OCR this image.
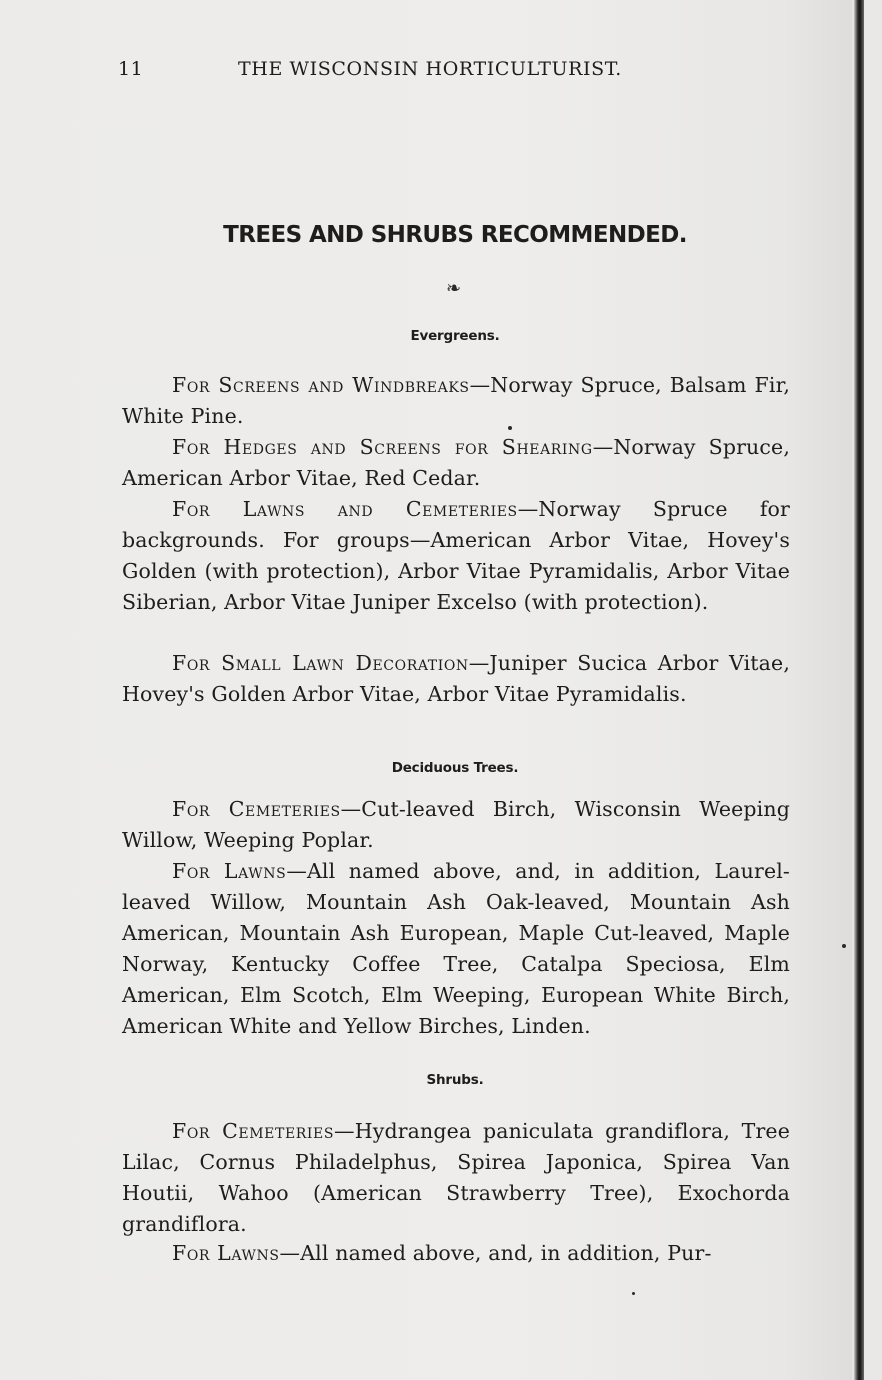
11	THE WISCONSIN HORTICULTURIST.
TREES AND SHRUBS RECOMMENDED.
❧
Evergreens.
For Screens and Windbreaks—Norway Spruce, Balsam Fir, White Pine.
For Hedges and Screens for Shearing—Norway Spruce, American Arbor Vitae, Red Cedar.
For Lawns and Cemeteries—Norway Spruce for backgrounds. For groups—American Arbor Vitae, Hovey's Golden (with protection), Arbor Vitae Pyramidalis, Arbor Vitae Siberian, Arbor Vitae Juniper Excelso (with protection).
For Small Lawn Decoration—Juniper Sucica Arbor Vitae, Hovey's Golden Arbor Vitae, Arbor Vitae Pyramidalis.
Deciduous Trees.
For Cemeteries—Cut-leaved Birch, Wisconsin Weeping Willow, Weeping Poplar.
For Lawns—All named above, and, in addition, Laurel-leaved Willow, Mountain Ash Oak-leaved, Mountain Ash American, Mountain Ash European, Maple Cut-leaved, Maple Norway, Kentucky Coffee Tree, Catalpa Speciosa, Elm American, Elm Scotch, Elm Weeping, European White Birch, American White and Yellow Birches, Linden.
Shrubs.
For Cemeteries—Hydrangea paniculata grandiflora, Tree Lilac, Cornus Philadelphus, Spirea Japonica, Spirea Van Houtii, Wahoo (American Strawberry Tree), Exochorda grandiflora.
For Lawns—All named above, and, in addition, Pur-
